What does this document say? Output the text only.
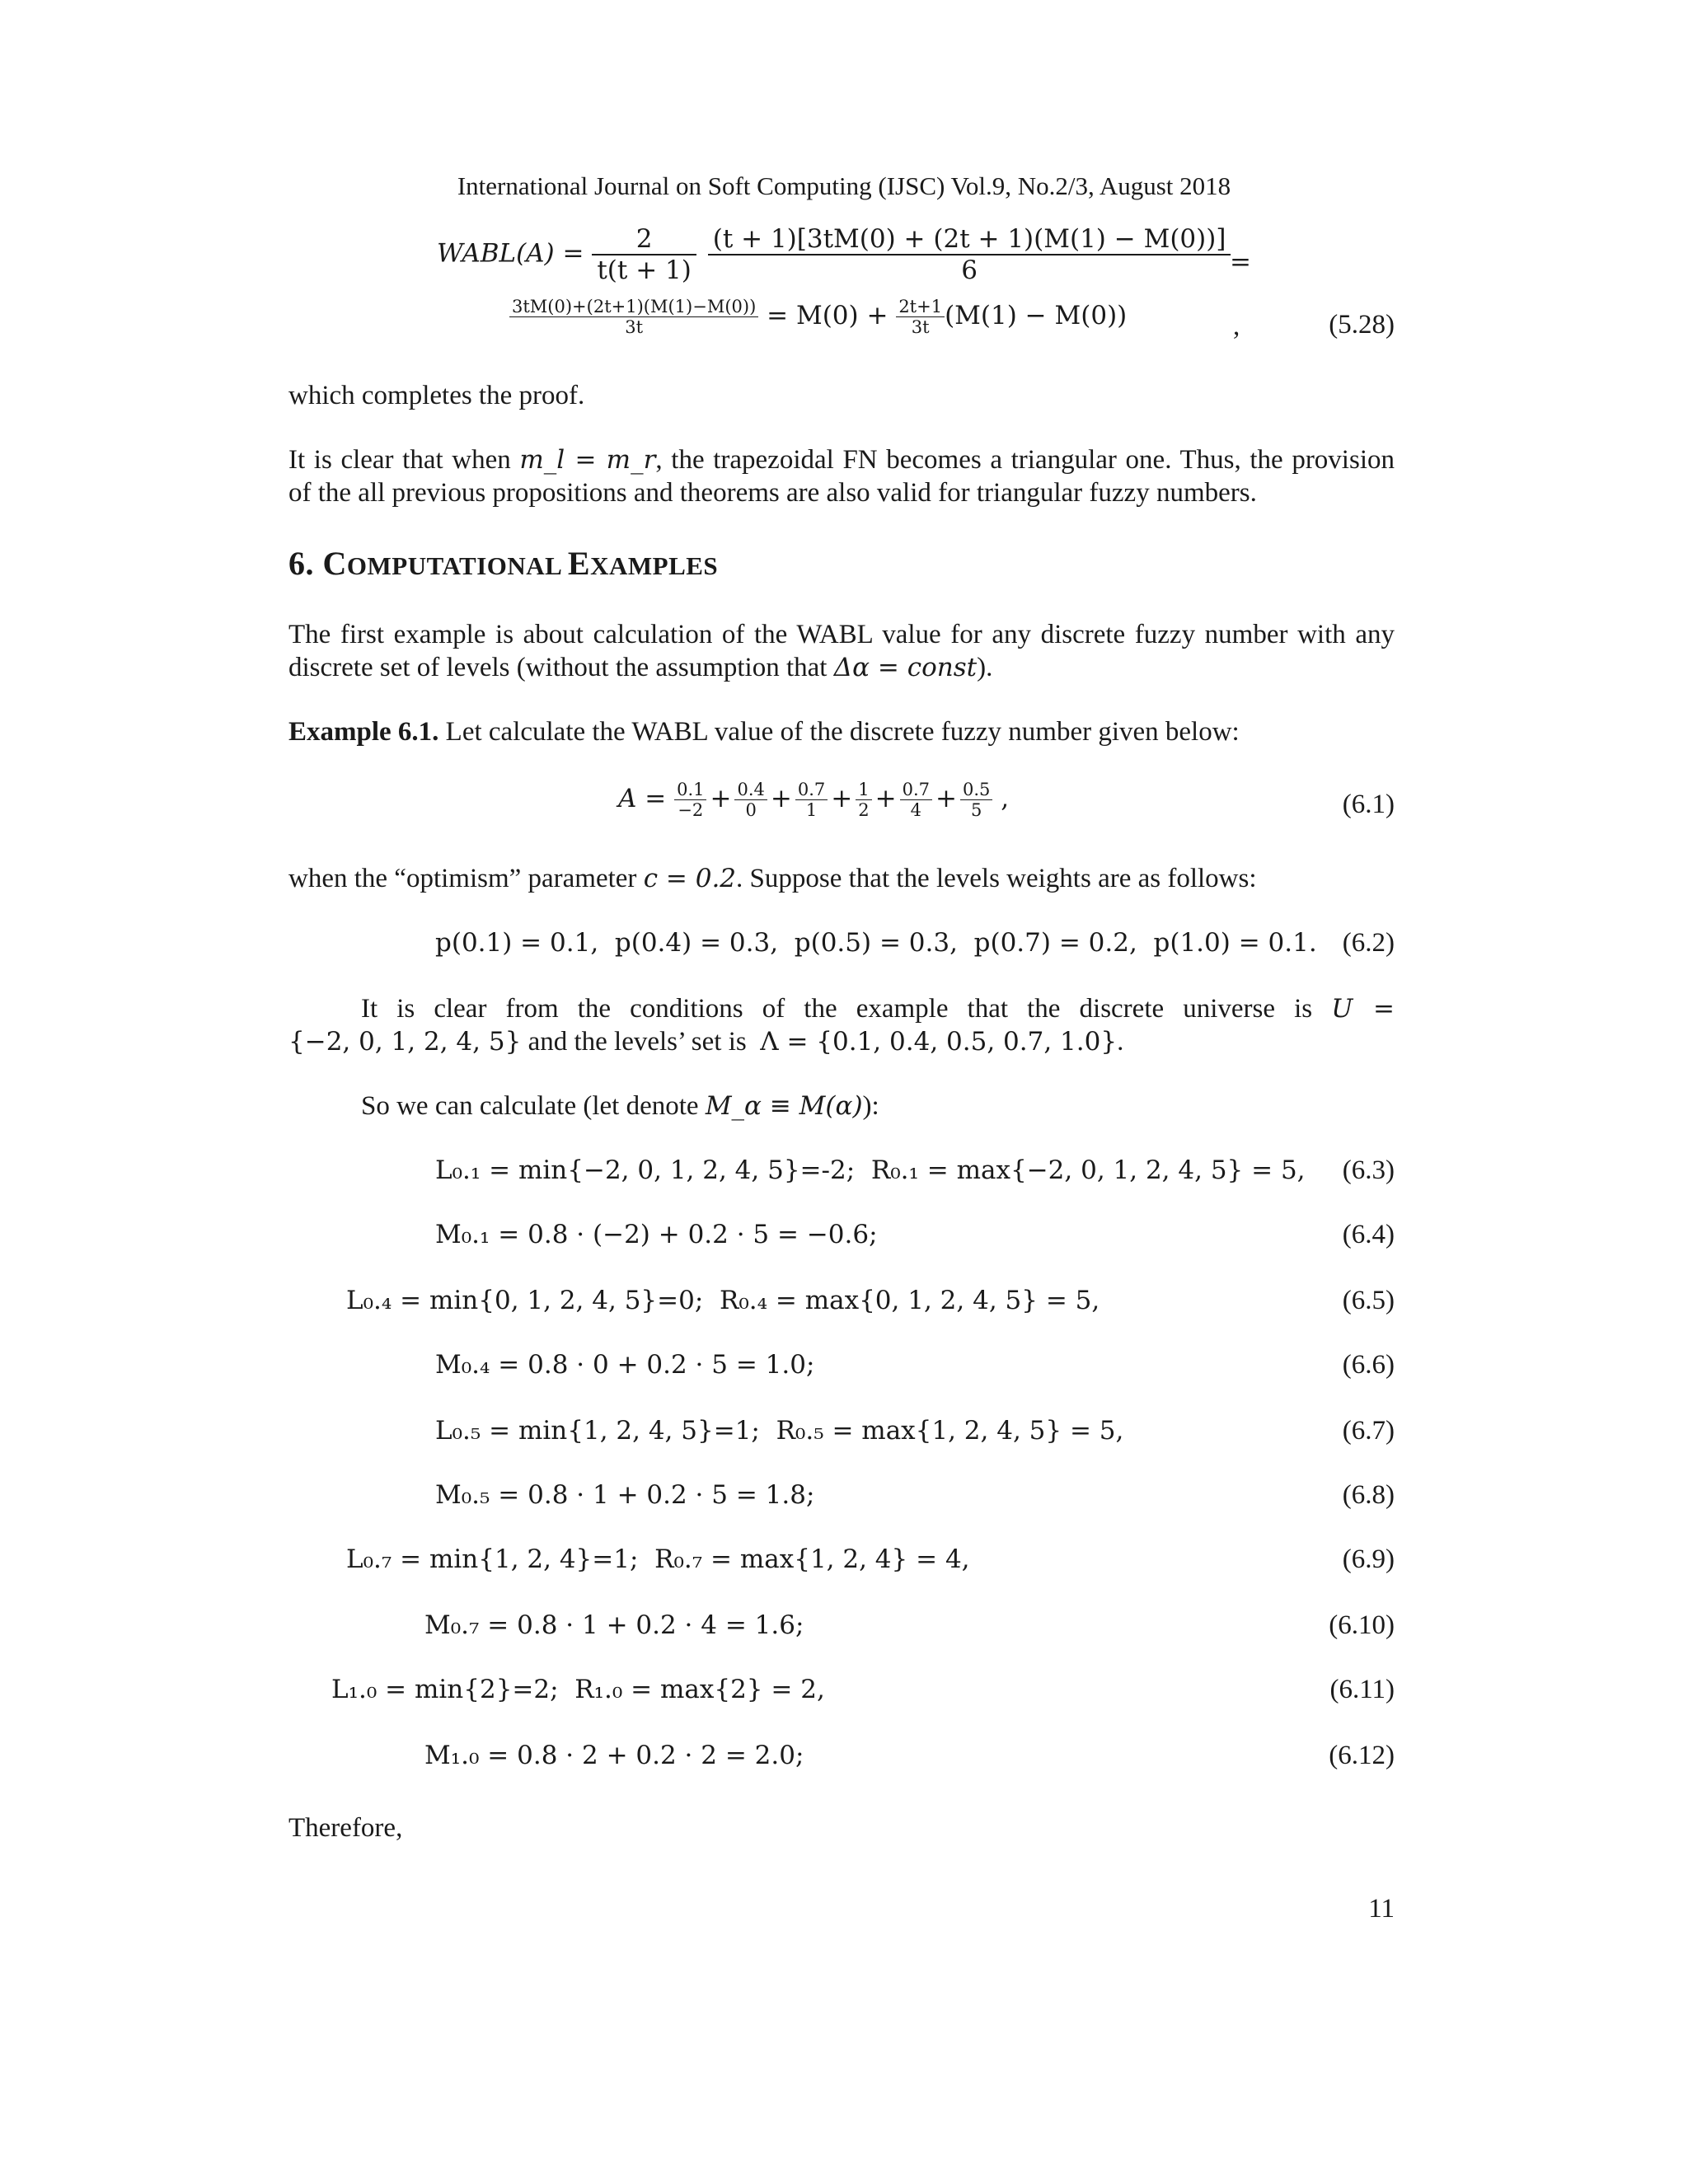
International Journal on Soft Computing (IJSC) Vol.9, No.2/3, August 2018
WABL(A) = $\frac{2}{t(t + 1)}$
$\frac{(t + 1)[3tM(0) + (2t + 1)(M(1) - M(0))]}{6}$
=
$\frac{3tM(0)+(2t+1)(M(1)-M(0))}{3t} = M(0) + \frac{2t+1}{3t} (M(1) - M(0))$	,	(5.28)
which completes the proof.
It is clear that when m_l = m_r, the trapezoidal FN becomes a triangular one. Thus, the provision
of the all previous propositions and theorems are also valid for triangular fuzzy numbers.
6. COMPUTATIONAL EXAMPLES
The first example is about calculation of the WABL value for any discrete fuzzy number with any
discrete set of levels (without the assumption that Δα = const).
Example 6.1. Let calculate the WABL value of the discrete fuzzy number given below:
$A = \frac{0.1}{-2} + \frac{0.4}{0} + \frac{0.7}{1} + \frac{1}{2} + \frac{0.7}{4} + \frac{0.5}{5}$ ,	(6.1)
when the “optimism” parameter c = 0.2. Suppose that the levels weights are as follows:
p(0.1) = 0.1,  p(0.4) = 0.3,  p(0.5) = 0.3,  p(0.7) = 0.2,  p(1.0) = 0.1. (6.2)
It is clear from the conditions of the example that the discrete universe is U =
{−2, 0, 1, 2, 4, 5} and the levels’ set is  Λ = {0.1, 0.4, 0.5, 0.7, 1.0}.
So we can calculate (let denote M_α ≡ M(α)):
L₀.₁ = min{−2, 0, 1, 2, 4, 5}=-2;  R₀.₁ = max{−2, 0, 1, 2, 4, 5} = 5, (6.3)
M₀.₁ = 0.8 · (−2) + 0.2 · 5 = −0.6;	(6.4)
L₀.₄ = min{0, 1, 2, 4, 5}=0;  R₀.₄ = max{0, 1, 2, 4, 5} = 5,	(6.5)
M₀.₄ = 0.8 · 0 + 0.2 · 5 = 1.0;	(6.6)
L₀.₅ = min{1, 2, 4, 5}=1;  R₀.₅ = max{1, 2, 4, 5} = 5,	(6.7)
M₀.₅ = 0.8 · 1 + 0.2 · 5 = 1.8;	(6.8)
L₀.₇ = min{1, 2, 4}=1;  R₀.₇ = max{1, 2, 4} = 4,	(6.9)
M₀.₇ = 0.8 · 1 + 0.2 · 4 = 1.6;	(6.10)
L₁.₀ = min{2}=2;  R₁.₀ = max{2} = 2,	(6.11)
M₁.₀ = 0.8 · 2 + 0.2 · 2 = 2.0;	(6.12)
Therefore,
11
